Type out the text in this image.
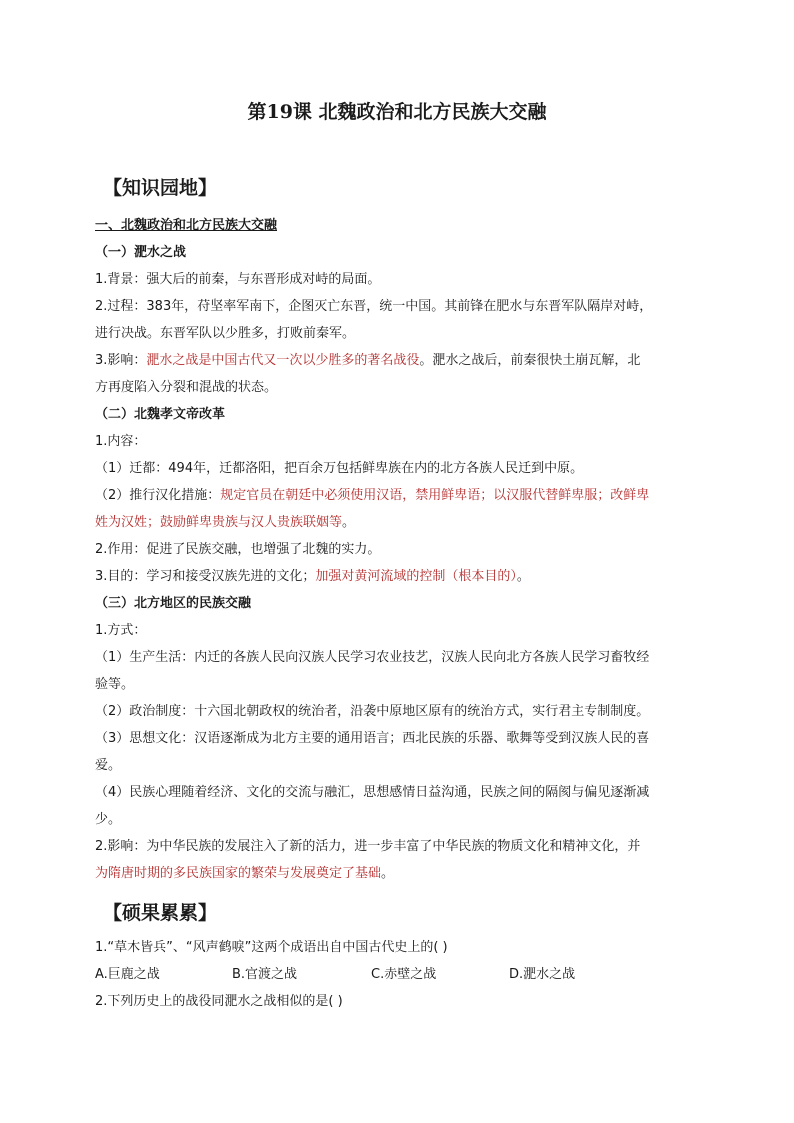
第19课 北魏政治和北方民族大交融
【知识园地】
一、北魏政治和北方民族大交融
（一）淝水之战
1.背景：强大后的前秦，与东晋形成对峙的局面。
2.过程：383年，苻坚率军南下，企图灭亡东晋，统一中国。其前锋在肥水与东晋军队隔岸对峙，
进行决战。东晋军队以少胜多，打败前秦军。
3.影响：淝水之战是中国古代又一次以少胜多的著名战役。淝水之战后，前秦很快土崩瓦解，北
方再度陷入分裂和混战的状态。
（二）北魏孝文帝改革
1.内容：
（1）迁都：494年，迁都洛阳，把百余万包括鲜卑族在内的北方各族人民迁到中原。
（2）推行汉化措施：规定官员在朝廷中必须使用汉语，禁用鲜卑语；以汉服代替鲜卑服；改鲜卑
姓为汉姓；鼓励鲜卑贵族与汉人贵族联姻等。
2.作用：促进了民族交融，也增强了北魏的实力。
3.目的：学习和接受汉族先进的文化；加强对黄河流域的控制（根本目的）。
（三）北方地区的民族交融
1.方式：
（1）生产生活：内迁的各族人民向汉族人民学习农业技艺，汉族人民向北方各族人民学习畜牧经
验等。
（2）政治制度：十六国北朝政权的统治者，沿袭中原地区原有的统治方式，实行君主专制制度。
（3）思想文化：汉语逐渐成为北方主要的通用语言；西北民族的乐器、歌舞等受到汉族人民的喜
爱。
（4）民族心理随着经济、文化的交流与融汇，思想感情日益沟通，民族之间的隔阂与偏见逐渐减
少。
2.影响：为中华民族的发展注入了新的活力，进一步丰富了中华民族的物质文化和精神文化，并
为隋唐时期的多民族国家的繁荣与发展奠定了基础。
【硕果累累】
1.“草木皆兵”、“风声鹤唳”这两个成语出自中国古代史上的( )
A.巨鹿之战	B.官渡之战	C.赤壁之战	D.淝水之战
2.下列历史上的战役同淝水之战相似的是( )
